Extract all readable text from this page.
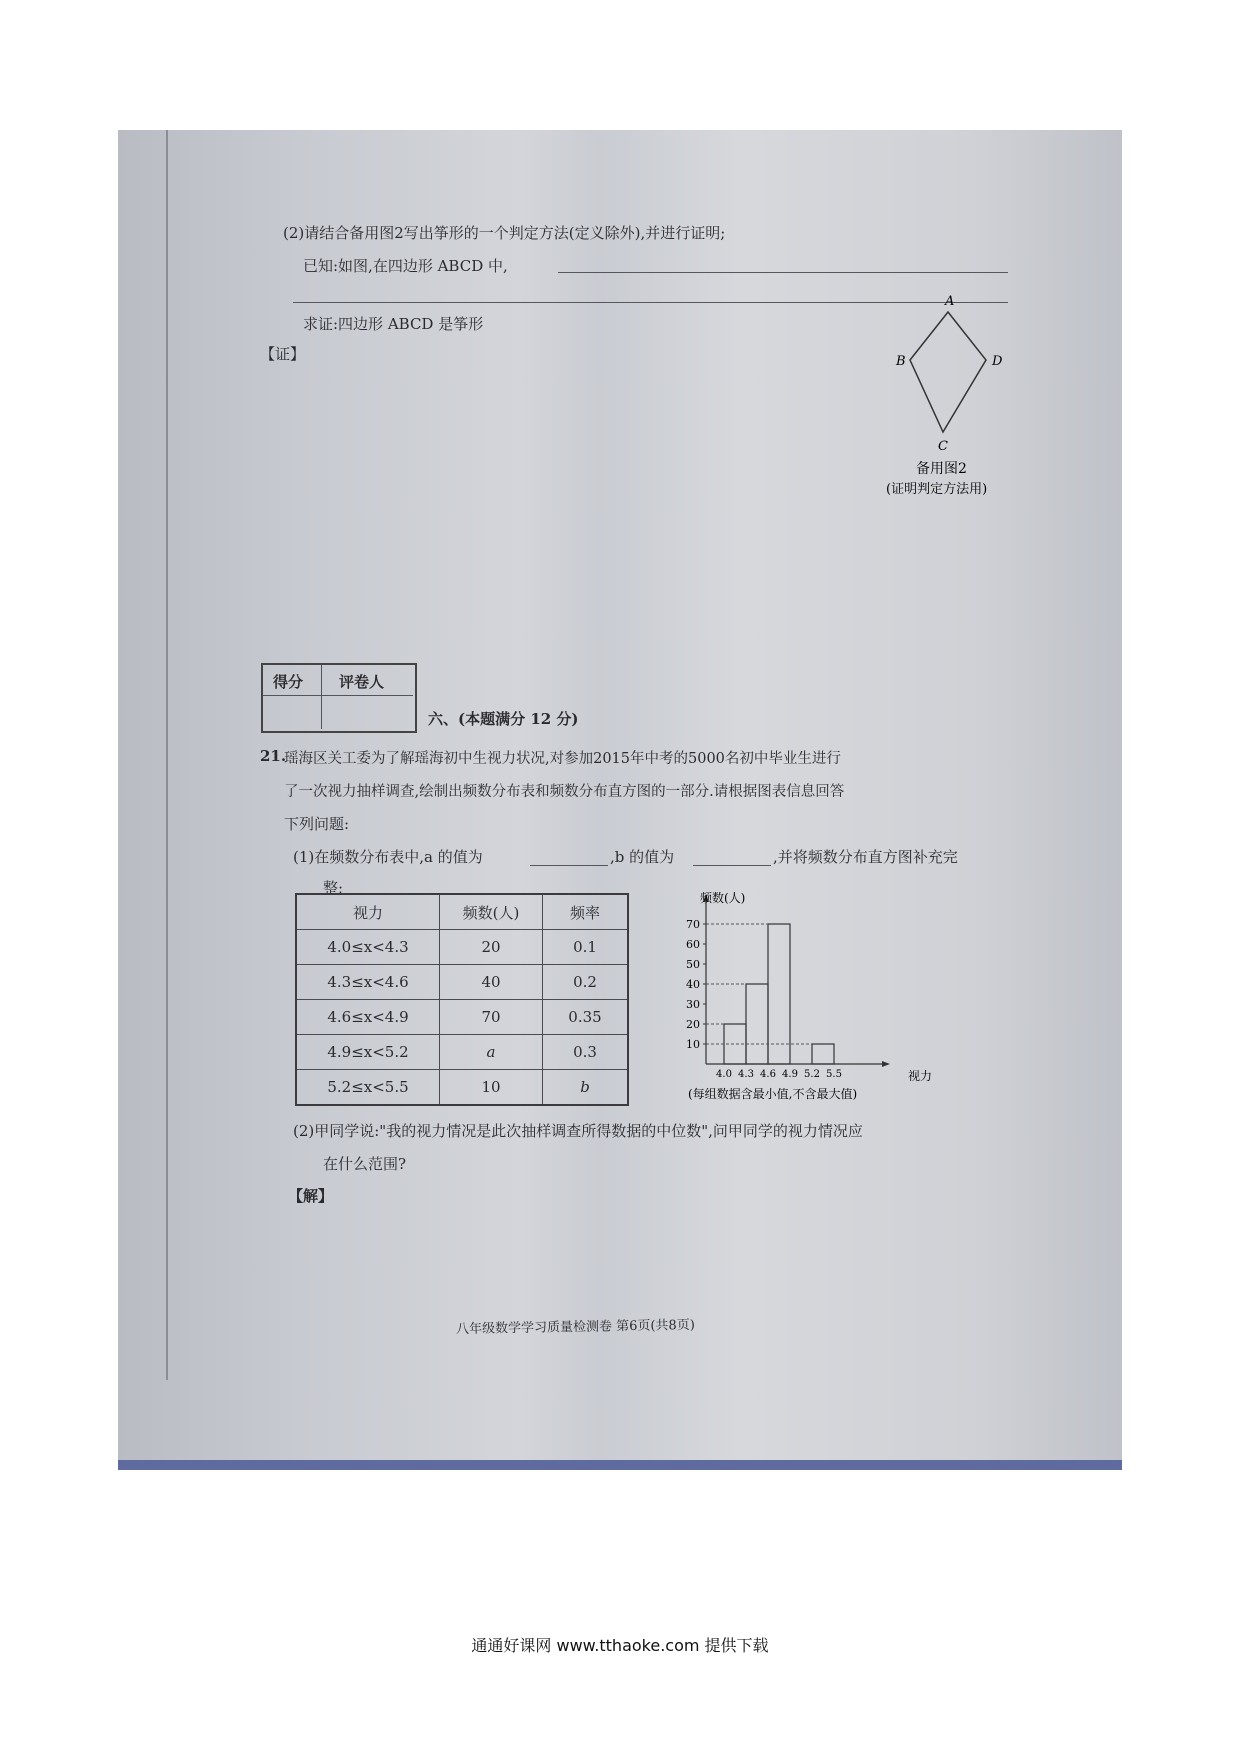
(2)请结合备用图2写出筝形的一个判定方法(定义除外),并进行证明;
已知:如图,在四边形 ABCD 中,
求证:四边形 ABCD 是筝形
【证】
A
B
C
D
备用图2
(证明判定方法用)
得分 评卷人
六、(本题满分 12 分)
21.
瑶海区关工委为了解瑶海初中生视力状况,对参加2015年中考的5000名初中毕业生进行
了一次视力抽样调查,绘制出频数分布表和频数分布直方图的一部分.请根据图表信息回答
下列问题:
(1)在频数分布表中,a 的值为	,b 的值为	,并将频数分布直方图补充完
整;
视力	频数(人)	频率
4.0≤x<4.3	20	0.1
4.3≤x<4.6	40	0.2
4.6≤x<4.9	70	0.35
4.9≤x<5.2	a	0.3
5.2≤x<5.5	10	b
10
20
30
40
50
60
70
4.0 4.3 4.6 4.9 5.2 5.5
频数(人)
视力
(每组数据含最小值,不含最大值)
(2)甲同学说:"我的视力情况是此次抽样调查所得数据的中位数",问甲同学的视力情况应
在什么范围?
【解】
八年级数学学习质量检测卷 第6页(共8页)
通通好课网 www.tthaoke.com 提供下载
